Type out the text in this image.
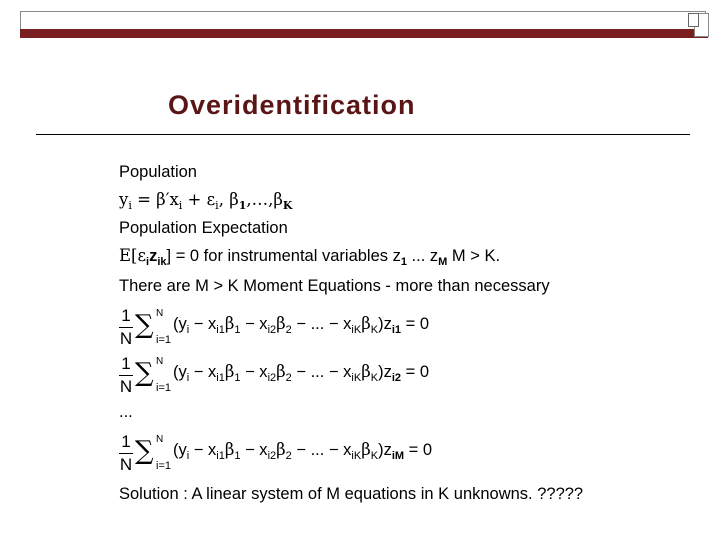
Overidentification
Population
$y_i = \beta'x_i + \varepsilon_i$, $\beta_1,\dots,\beta_K$
Population Expectation
$E[\varepsilon_iz_{ik}] = 0$ for instrumental variables $z_1$ ... $z_M$ M > K.
There are M > K Moment Equations - more than necessary
1
N ∑ N
i=1
($y_i - x_{i1}\beta_1 - x_{i2}\beta_2$ − ... − $x_{iK}\beta_K)z_{i1} = 0$
1
N ∑ N
i=1
($y_i - x_{i1}\beta_1 - x_{i2}\beta_2$ − ... − $x_{iK}\beta_K)z_{i2} = 0$
...
1
N ∑ N
i=1
($y_i - x_{i1}\beta_1 - x_{i2}\beta_2$ − ... − $x_{iK}\beta_K)z_{iM} = 0$
Solution : A linear system of M equations in K unknowns. ?????
